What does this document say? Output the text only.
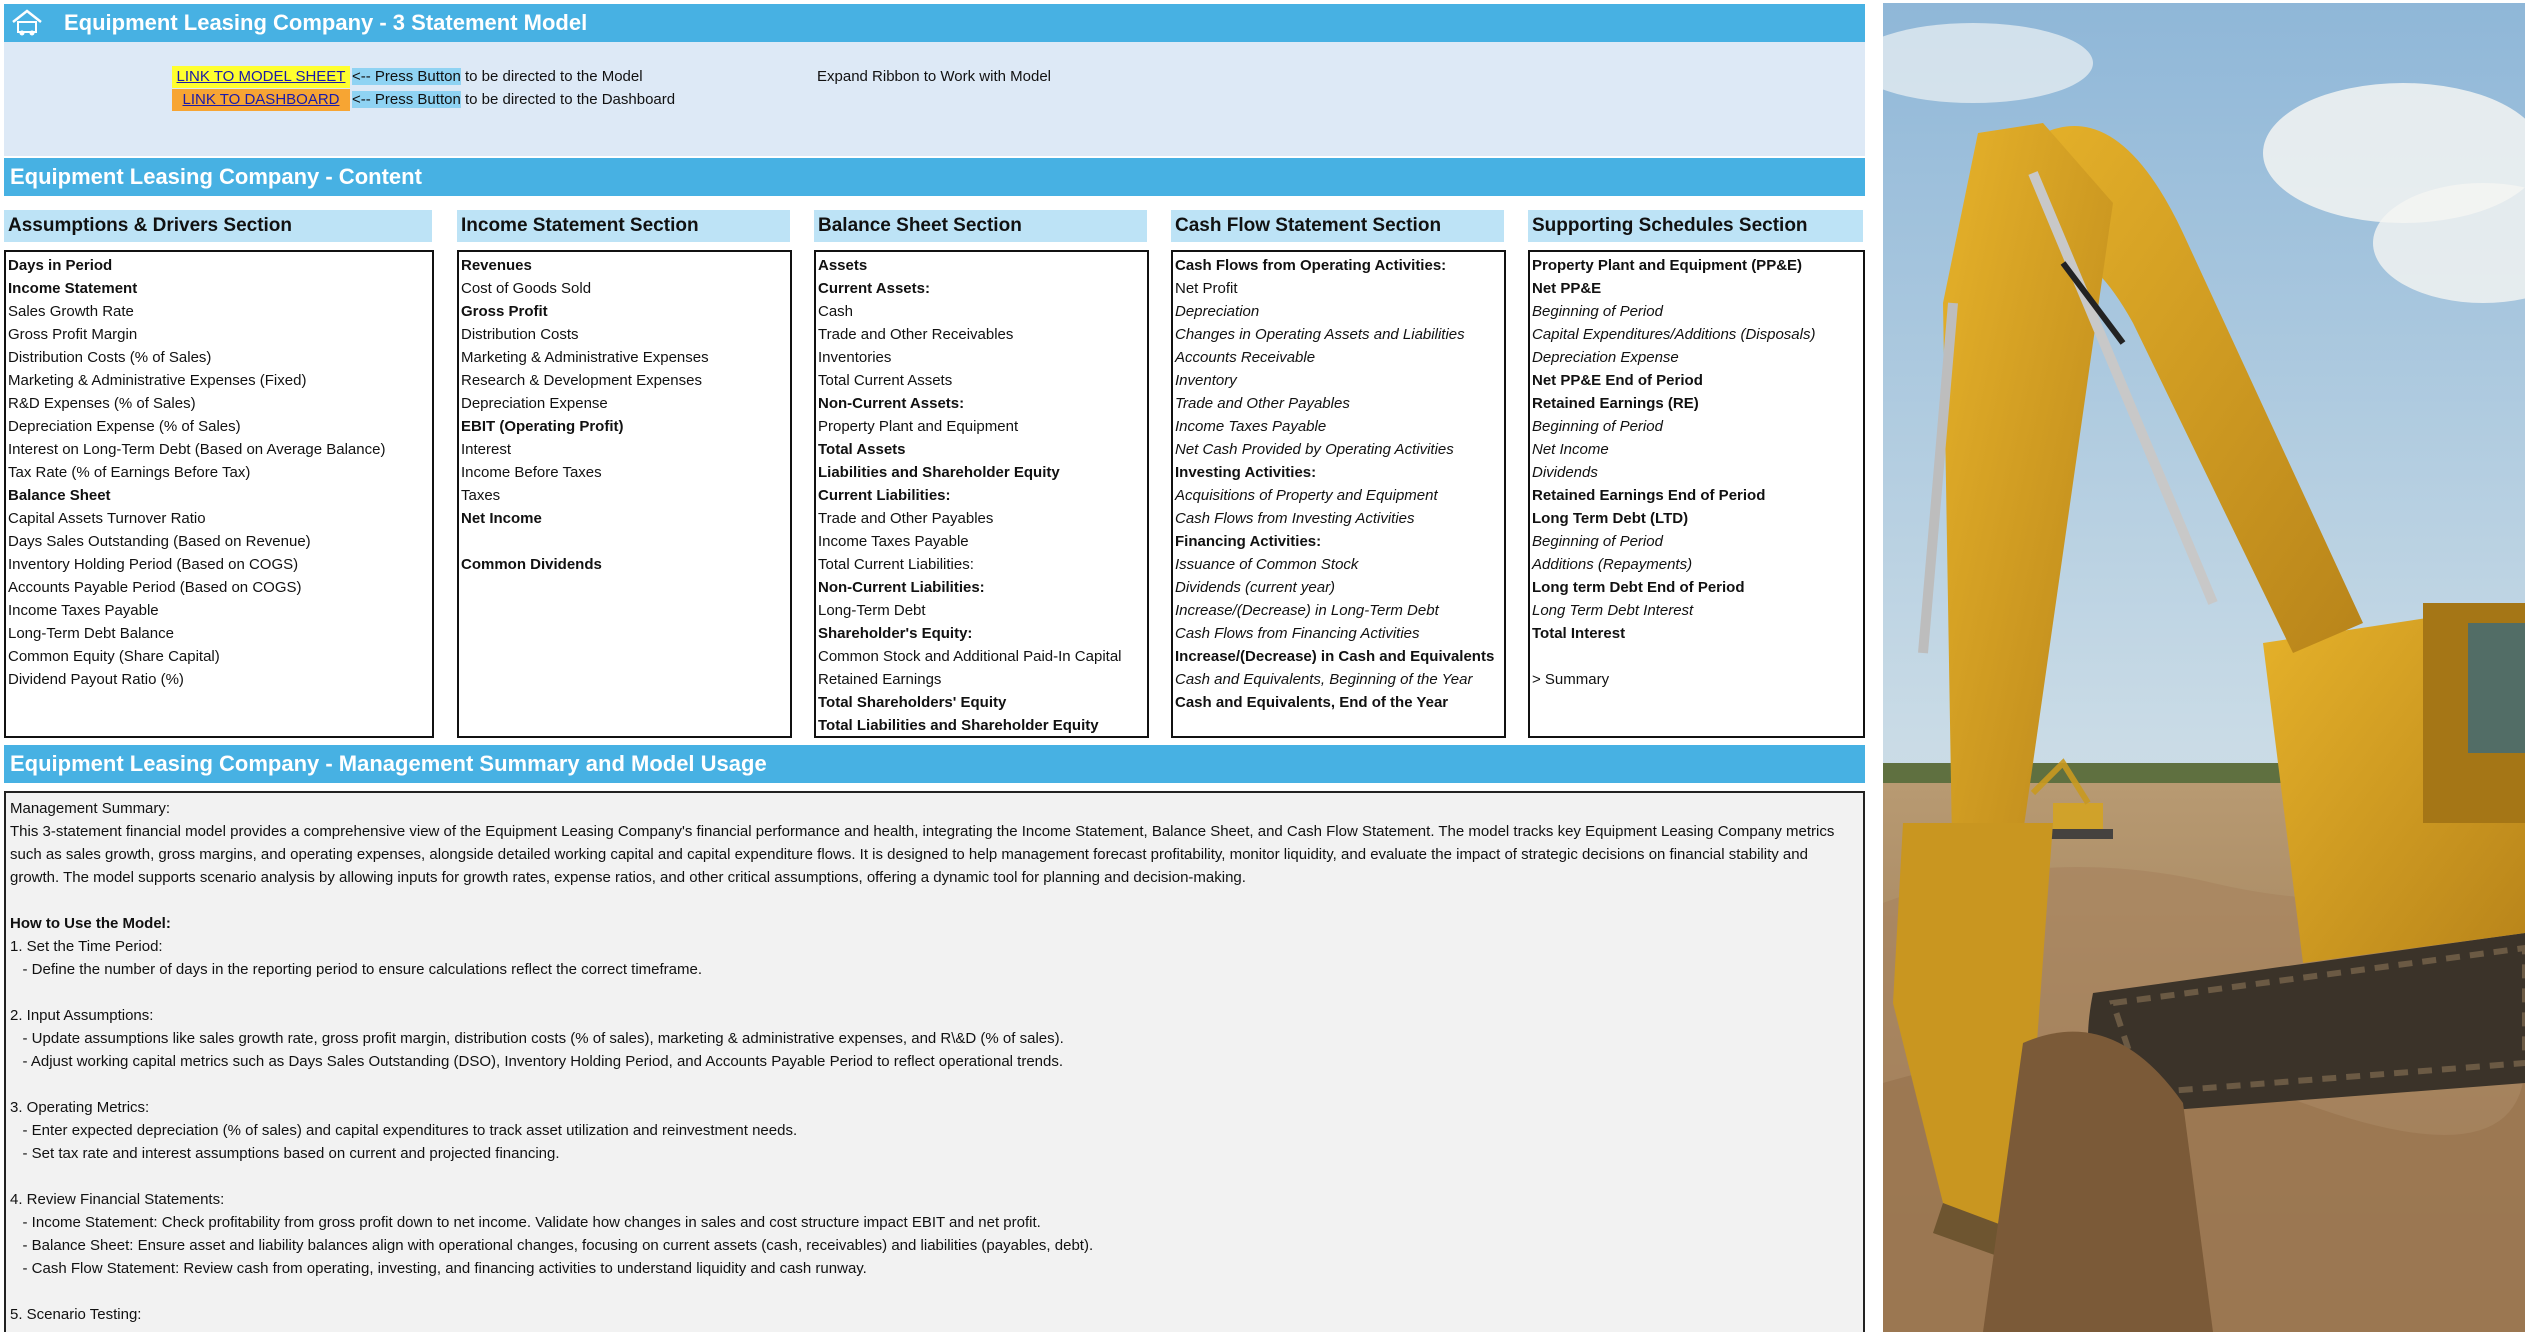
Equipment Leasing Company - 3 Statement Model
LINK TO MODEL SHEET
LINK TO DASHBOARD
<-- Press Button to be directed to the Model
<-- Press Button to be directed to the Dashboard
Expand Ribbon to Work with Model
Equipment Leasing Company - Content
Assumptions & Drivers Section
Days in Period
Income Statement
Sales Growth Rate
Gross Profit Margin
Distribution Costs (% of Sales)
Marketing & Administrative Expenses (Fixed)
R&D Expenses (% of Sales)
Depreciation Expense (% of Sales)
Interest on Long-Term Debt (Based on Average Balance)
Tax Rate (% of Earnings Before Tax)
Balance Sheet
Capital Assets Turnover Ratio
Days Sales Outstanding (Based on Revenue)
Inventory Holding Period (Based on COGS)
Accounts Payable Period (Based on COGS)
Income Taxes Payable
Long-Term Debt Balance
Common Equity (Share Capital)
Dividend Payout Ratio (%)
Income Statement Section
Revenues
Cost of Goods Sold
Gross Profit
Distribution Costs
Marketing & Administrative Expenses
Research & Development Expenses
Depreciation Expense
EBIT (Operating Profit)
Interest
Income Before Taxes
Taxes
Net Income
Common Dividends
Balance Sheet Section
Assets
Current Assets:
Cash
Trade and Other Receivables
Inventories
Total Current Assets
Non-Current Assets:
Property Plant and Equipment
Total Assets
Liabilities and Shareholder Equity
Current Liabilities:
Trade and Other Payables
Income Taxes Payable
Total Current Liabilities:
Non-Current Liabilities:
Long-Term Debt
Shareholder's Equity:
Common Stock and Additional Paid-In Capital
Retained Earnings
Total Shareholders' Equity
Total Liabilities and Shareholder Equity
Cash Flow Statement Section
Cash Flows from Operating Activities:
Net Profit
Depreciation
Changes in Operating Assets and Liabilities
Accounts Receivable
Inventory
Trade and Other Payables
Income Taxes Payable
Net Cash Provided by Operating Activities
Investing Activities:
Acquisitions of Property and Equipment
Cash Flows from Investing Activities
Financing Activities:
Issuance of Common Stock
Dividends (current year)
Increase/(Decrease) in Long-Term Debt
Cash Flows from Financing Activities
Increase/(Decrease) in Cash and Equivalents
Cash and Equivalents, Beginning of the Year
Cash and Equivalents, End of the Year
Supporting Schedules Section
Property Plant and Equipment (PP&E)
Net PP&E
Beginning of Period
Capital Expenditures/Additions (Disposals)
Depreciation Expense
Net PP&E End of Period
Retained Earnings (RE)
Beginning of Period
Net Income
Dividends
Retained Earnings End of Period
Long Term Debt (LTD)
Beginning of Period
Additions (Repayments)
Long term Debt End of Period
Long Term Debt Interest
Total Interest
> Summary
Equipment Leasing Company - Management Summary and Model Usage

Management Summary:

This 3-statement financial model provides a comprehensive view of the Equipment Leasing Company's financial performance and health, integrating the Income Statement, Balance Sheet, and Cash Flow Statement. The model tracks key Equipment Leasing Company metrics

such as sales growth, gross margins, and operating expenses, alongside detailed working capital and capital expenditure flows. It is designed to help management forecast profitability, monitor liquidity, and evaluate the impact of strategic decisions on financial stability and

growth. The model supports scenario analysis by allowing inputs for growth rates, expense ratios, and other critical assumptions, offering a dynamic tool for planning and decision-making.

How to Use the Model:

1. Set the Time Period:

- Define the number of days in the reporting period to ensure calculations reflect the correct timeframe.

2. Input Assumptions:

- Update assumptions like sales growth rate, gross profit margin, distribution costs (% of sales), marketing & administrative expenses, and R\&D (% of sales).

- Adjust working capital metrics such as Days Sales Outstanding (DSO), Inventory Holding Period, and Accounts Payable Period to reflect operational trends.

3. Operating Metrics:

- Enter expected depreciation (% of sales) and capital expenditures to track asset utilization and reinvestment needs.

- Set tax rate and interest assumptions based on current and projected financing.

4. Review Financial Statements:

- Income Statement: Check profitability from gross profit down to net income. Validate how changes in sales and cost structure impact EBIT and net profit.

- Balance Sheet: Ensure asset and liability balances align with operational changes, focusing on current assets (cash, receivables) and liabilities (payables, debt).

- Cash Flow Statement: Review cash from operating, investing, and financing activities to understand liquidity and cash runway.

5. Scenario Testing:
